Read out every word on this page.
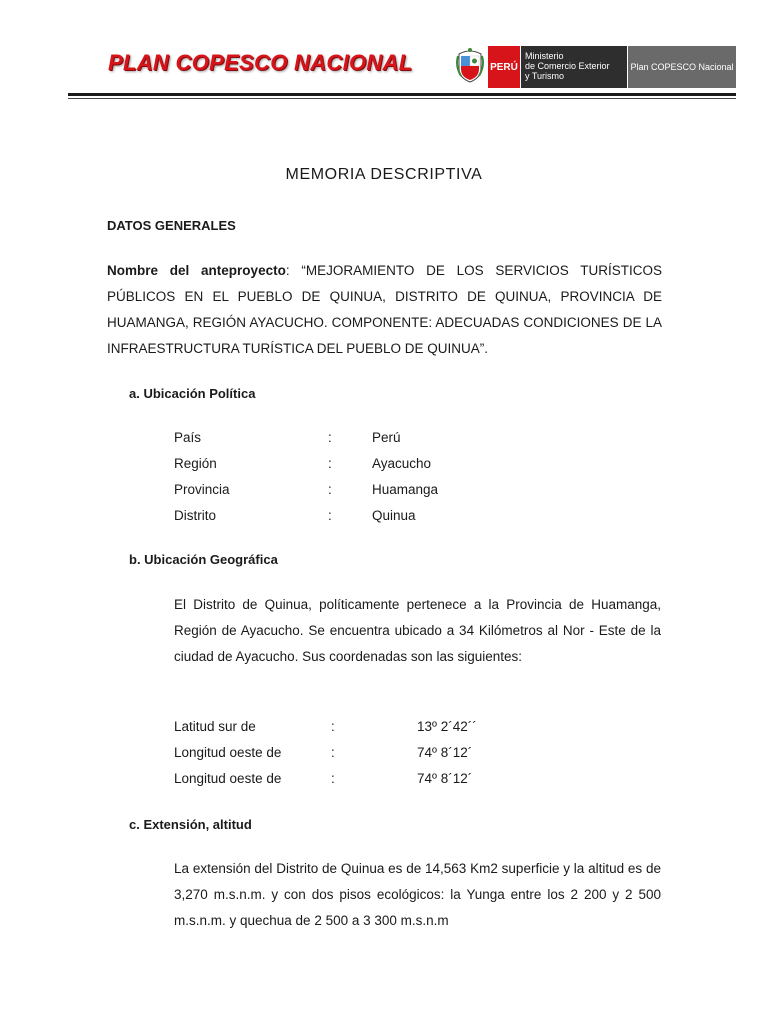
PLAN COPESCO NACIONAL	PERÚ
Ministerio
de Comercio Exterior
y Turismo
Plan COPESCO Nacional
MEMORIA DESCRIPTIVA
DATOS GENERALES

Nombre del anteproyecto: “MEJORAMIENTO DE LOS SERVICIOS TURÍSTICOS PÚBLICOS EN EL PUEBLO DE QUINUA, DISTRITO DE QUINUA, PROVINCIA DE HUAMANGA, REGIÓN AYACUCHO. COMPONENTE: ADECUADAS CONDICIONES DE LA INFRAESTRUCTURA TURÍSTICA DEL PUEBLO DE QUINUA”.

a. Ubicación Política
País	:	Perú
Región	:	Ayacucho
Provincia	:	Huamanga
Distrito	:	Quinua
b. Ubicación Geográfica

El Distrito de Quinua, políticamente pertenece a la Provincia de Huamanga, Región de Ayacucho. Se encuentra ubicado a 34 Kilómetros al Nor - Este de la ciudad de Ayacucho. Sus coordenadas son las siguientes:

Latitud sur de	:	13º 2´42´´
Longitud oeste de	:	74º 8´12´
Longitud oeste de	:	74º 8´12´
c. Extensión, altitud

La extensión del Distrito de Quinua es de 14,563 Km2 superficie y la altitud es de 3,270 m.s.n.m. y con dos pisos ecológicos: la Yunga entre los 2 200 y 2 500 m.s.n.m. y quechua de 2 500 a 3 300 m.s.n.m
